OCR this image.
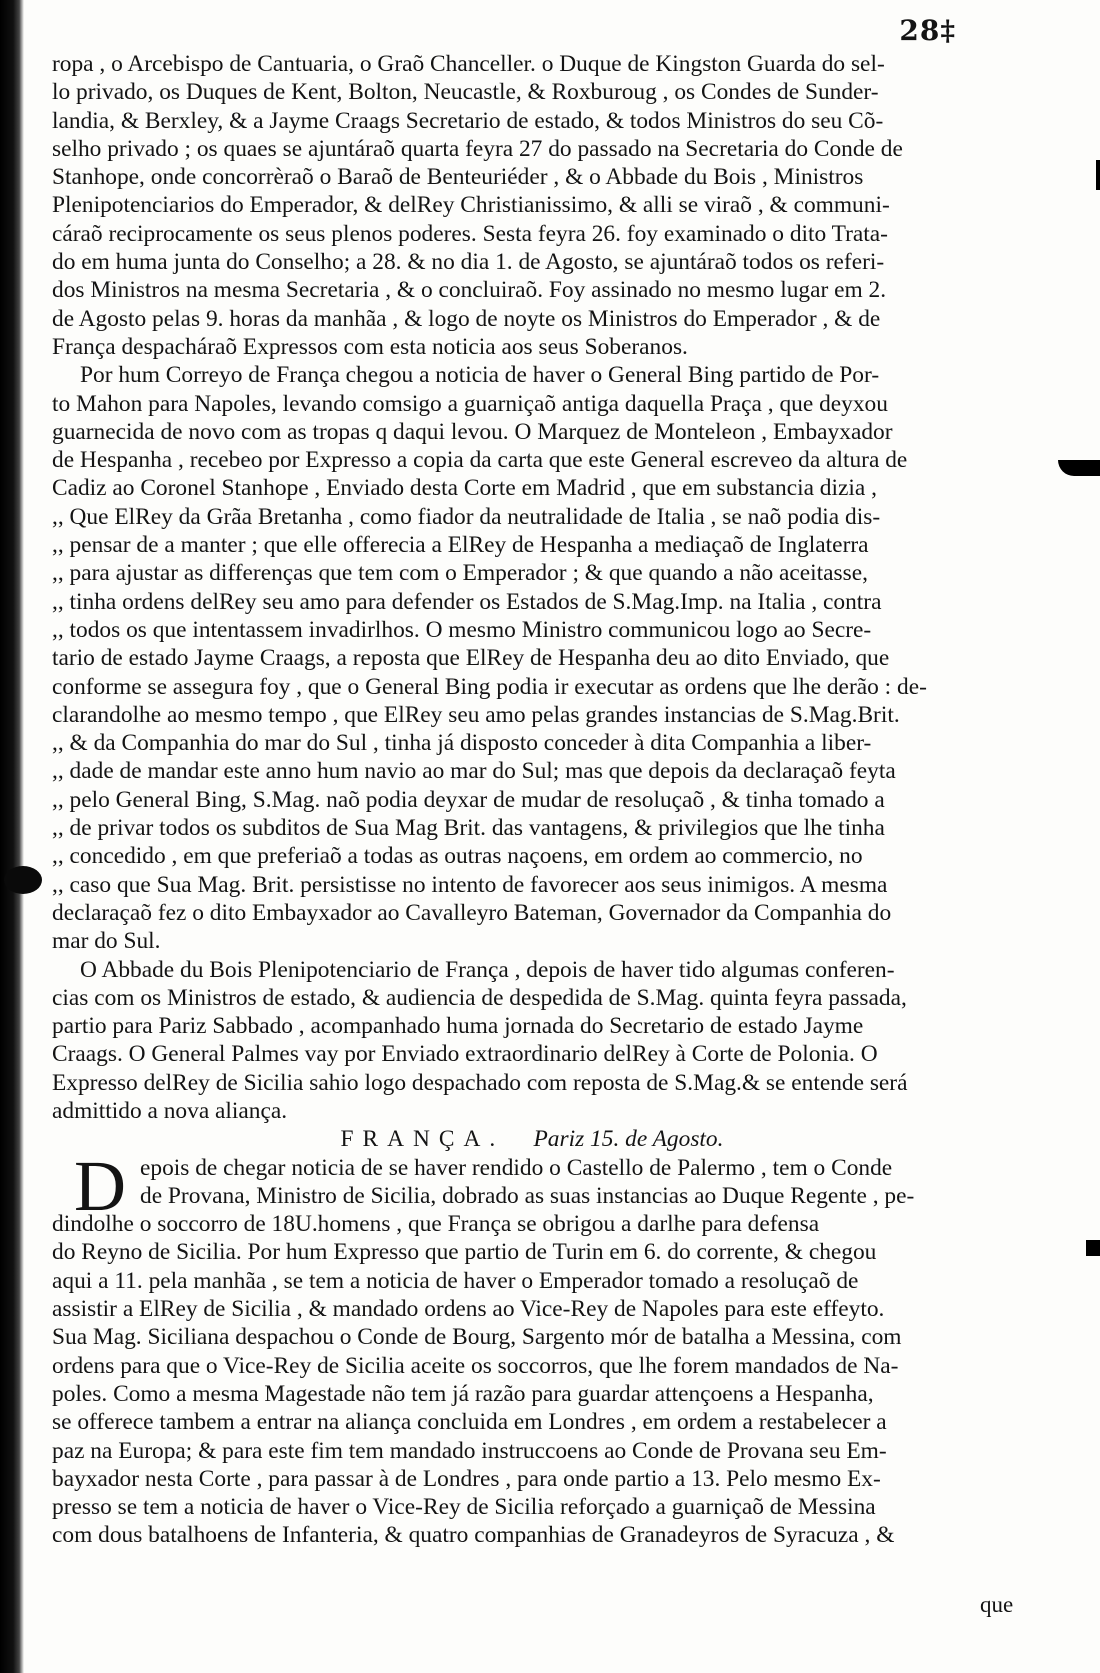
28‡
ropa , o Arcebispo de Cantuaria, o Graõ Chanceller. o Duque de Kingston Guarda do sel-
lo privado, os Duques de Kent, Bolton, Neucastle, & Roxburoug , os Condes de Sunder-
landia, & Berxley, & a Jayme Craags Secretario de estado, & todos Ministros do seu Cõ-
selho privado ; os quaes se ajuntáraõ quarta feyra 27 do passado na Secretaria do Conde de
Stanhope, onde concorrèraõ o Baraõ de Benteuriéder , & o Abbade du Bois , Ministros
Plenipotenciarios do Emperador, & delRey Christianissimo, & alli se viraõ , & communi-
cáraõ reciprocamente os seus plenos poderes. Sesta feyra 26. foy examinado o dito Trata-
do em huma junta do Conselho; a 28. & no dia 1. de Agosto, se ajuntáraõ todos os referi-
dos Ministros na mesma Secretaria , & o concluiraõ. Foy assinado no mesmo lugar em 2.
de Agosto pelas 9. horas da manhãa , & logo de noyte os Ministros do Emperador , & de
França despacháraõ Expressos com esta noticia aos seus Soberanos.
Por hum Correyo de França chegou a noticia de haver o General Bing partido de Por-
to Mahon para Napoles, levando comsigo a guarniçaõ antiga daquella Praça , que deyxou
guarnecida de novo com as tropas q daqui levou. O Marquez de Monteleon , Embayxador
de Hespanha , recebeo por Expresso a copia da carta que este General escreveo da altura de
Cadiz ao Coronel Stanhope , Enviado desta Corte em Madrid , que em substancia dizia ,
,, Que ElRey da Grãa Bretanha , como fiador da neutralidade de Italia , se naõ podia dis-
,, pensar de a manter ; que elle offerecia a ElRey de Hespanha a mediaçaõ de Inglaterra
,, para ajustar as differenças que tem com o Emperador ; & que quando a não aceitasse,
,, tinha ordens delRey seu amo para defender os Estados de S.Mag.Imp. na Italia , contra
,, todos os que intentassem invadirlhos. O mesmo Ministro communicou logo ao Secre-
tario de estado Jayme Craags, a reposta que ElRey de Hespanha deu ao dito Enviado, que
conforme se assegura foy , que o General Bing podia ir executar as ordens que lhe derão : de-
clarandolhe ao mesmo tempo , que ElRey seu amo pelas grandes instancias de S.Mag.Brit.
,, & da Companhia do mar do Sul , tinha já disposto conceder à dita Companhia a liber-
,, dade de mandar este anno hum navio ao mar do Sul; mas que depois da declaraçaõ feyta
,, pelo General Bing, S.Mag. naõ podia deyxar de mudar de resoluçaõ , & tinha tomado a
,, de privar todos os subditos de Sua Mag Brit. das vantagens, & privilegios que lhe tinha
,, concedido , em que preferiaõ a todas as outras naçoens, em ordem ao commercio, no
,, caso que Sua Mag. Brit. persistisse no intento de favorecer aos seus inimigos. A mesma
declaraçaõ fez o dito Embayxador ao Cavalleyro Bateman, Governador da Companhia do
mar do Sul.
O Abbade du Bois Plenipotenciario de França , depois de haver tido algumas conferen-
cias com os Ministros de estado, & audiencia de despedida de S.Mag. quinta feyra passada,
partio para Pariz Sabbado , acompanhado huma jornada do Secretario de estado Jayme
Craags. O General Palmes vay por Enviado extraordinario delRey à Corte de Polonia. O
Expresso delRey de Sicilia sahio logo despachado com reposta de S.Mag.& se entende será
admittido a nova aliança.
FRANÇA. Pariz 15. de Agosto.
D epois de chegar noticia de se haver rendido o Castello de Palermo , tem o Conde
de Provana, Ministro de Sicilia, dobrado as suas instancias ao Duque Regente , pe-
dindolhe o soccorro de 18U.homens , que França se obrigou a darlhe para defensa
do Reyno de Sicilia. Por hum Expresso que partio de Turin em 6. do corrente, & chegou
aqui a 11. pela manhãa , se tem a noticia de haver o Emperador tomado a resoluçaõ de
assistir a ElRey de Sicilia , & mandado ordens ao Vice-Rey de Napoles para este effeyto.
Sua Mag. Siciliana despachou o Conde de Bourg, Sargento mór de batalha a Messina, com
ordens para que o Vice-Rey de Sicilia aceite os soccorros, que lhe forem mandados de Na-
poles. Como a mesma Magestade não tem já razão para guardar attençoens a Hespanha,
se offerece tambem a entrar na aliança concluida em Londres , em ordem a restabelecer a
paz na Europa; & para este fim tem mandado instruccoens ao Conde de Provana seu Em-
bayxador nesta Corte , para passar à de Londres , para onde partio a 13. Pelo mesmo Ex-
presso se tem a noticia de haver o Vice-Rey de Sicilia reforçado a guarniçaõ de Messina
com dous batalhoens de Infanteria, & quatro companhias de Granadeyros de Syracuza , &
que
